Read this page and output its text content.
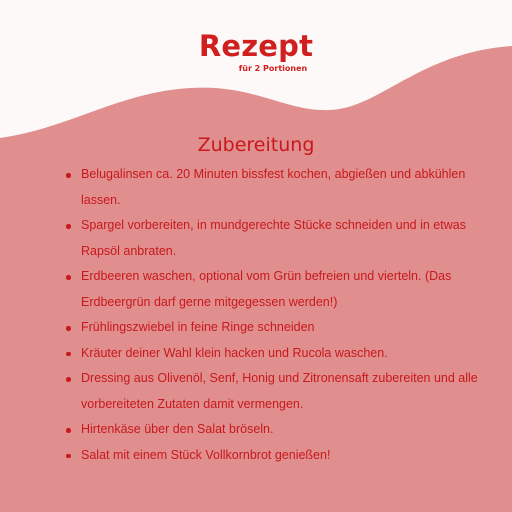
Rezept
für 2 Portionen
Zubereitung
Belugalinsen ca. 20 Minuten bissfest kochen, abgießen und abkühlen lassen.
Spargel vorbereiten, in mundgerechte Stücke schneiden und in etwas Rapsöl anbraten.
Erdbeeren waschen, optional vom Grün befreien und vierteln. (Das Erdbeergrün darf gerne mitgegessen werden!)
Frühlingszwiebel in feine Ringe schneiden
Kräuter deiner Wahl klein hacken und Rucola waschen.
Dressing aus Olivenöl, Senf, Honig und Zitronensaft zubereiten und alle vorbereiteten Zutaten damit vermengen.
Hirtenkäse über den Salat bröseln.
Salat mit einem Stück Vollkornbrot genießen!
